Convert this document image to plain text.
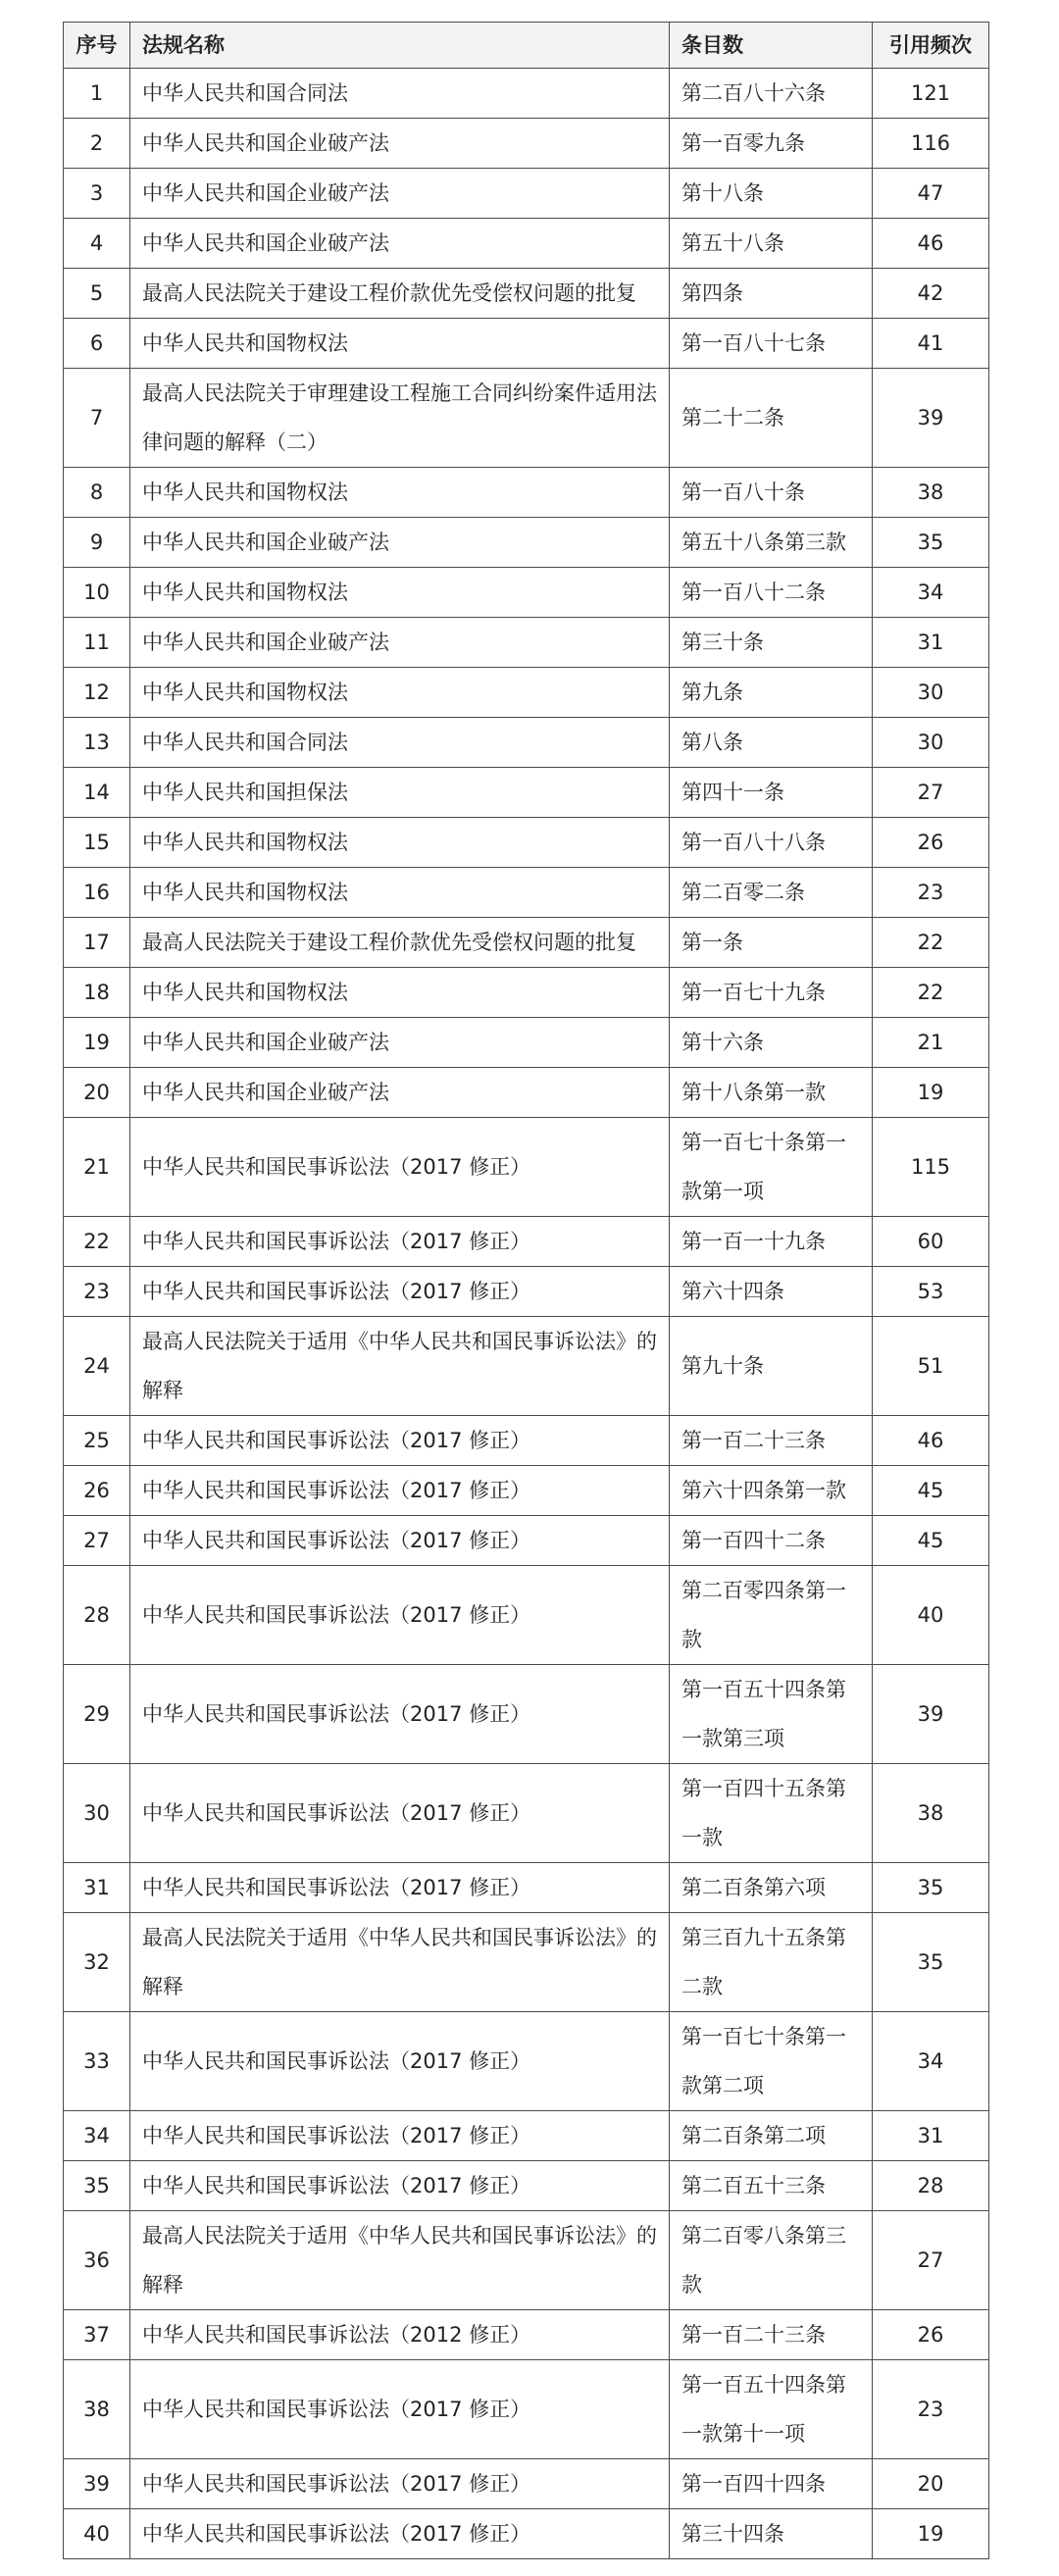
序号	法规名称	条目数	引用频次
1	中华人民共和国合同法	第二百八十六条	121
2	中华人民共和国企业破产法	第一百零九条	116
3	中华人民共和国企业破产法	第十八条	47
4	中华人民共和国企业破产法	第五十八条	46
5	最高人民法院关于建设工程价款优先受偿权问题的批复	第四条	42
6	中华人民共和国物权法	第一百八十七条	41
7	最高人民法院关于审理建设工程施工合同纠纷案件适用法律问题的解释（二）	第二十二条	39
8	中华人民共和国物权法	第一百八十条	38
9	中华人民共和国企业破产法	第五十八条第三款	35
10	中华人民共和国物权法	第一百八十二条	34
11	中华人民共和国企业破产法	第三十条	31
12	中华人民共和国物权法	第九条	30
13	中华人民共和国合同法	第八条	30
14	中华人民共和国担保法	第四十一条	27
15	中华人民共和国物权法	第一百八十八条	26
16	中华人民共和国物权法	第二百零二条	23
17	最高人民法院关于建设工程价款优先受偿权问题的批复	第一条	22
18	中华人民共和国物权法	第一百七十九条	22
19	中华人民共和国企业破产法	第十六条	21
20	中华人民共和国企业破产法	第十八条第一款	19
21	中华人民共和国民事诉讼法（2017 修正）	第一百七十条第一款第一项	115
22	中华人民共和国民事诉讼法（2017 修正）	第一百一十九条	60
23	中华人民共和国民事诉讼法（2017 修正）	第六十四条	53
24	最高人民法院关于适用《中华人民共和国民事诉讼法》的解释	第九十条	51
25	中华人民共和国民事诉讼法（2017 修正）	第一百二十三条	46
26	中华人民共和国民事诉讼法（2017 修正）	第六十四条第一款	45
27	中华人民共和国民事诉讼法（2017 修正）	第一百四十二条	45
28	中华人民共和国民事诉讼法（2017 修正）	第二百零四条第一款	40
29	中华人民共和国民事诉讼法（2017 修正）	第一百五十四条第一款第三项	39
30	中华人民共和国民事诉讼法（2017 修正）	第一百四十五条第一款	38
31	中华人民共和国民事诉讼法（2017 修正）	第二百条第六项	35
32	最高人民法院关于适用《中华人民共和国民事诉讼法》的解释	第三百九十五条第二款	35
33	中华人民共和国民事诉讼法（2017 修正）	第一百七十条第一款第二项	34
34	中华人民共和国民事诉讼法（2017 修正）	第二百条第二项	31
35	中华人民共和国民事诉讼法（2017 修正）	第二百五十三条	28
36	最高人民法院关于适用《中华人民共和国民事诉讼法》的解释	第二百零八条第三款	27
37	中华人民共和国民事诉讼法（2012 修正）	第一百二十三条	26
38	中华人民共和国民事诉讼法（2017 修正）	第一百五十四条第一款第十一项	23
39	中华人民共和国民事诉讼法（2017 修正）	第一百四十四条	20
40	中华人民共和国民事诉讼法（2017 修正）	第三十四条	19
